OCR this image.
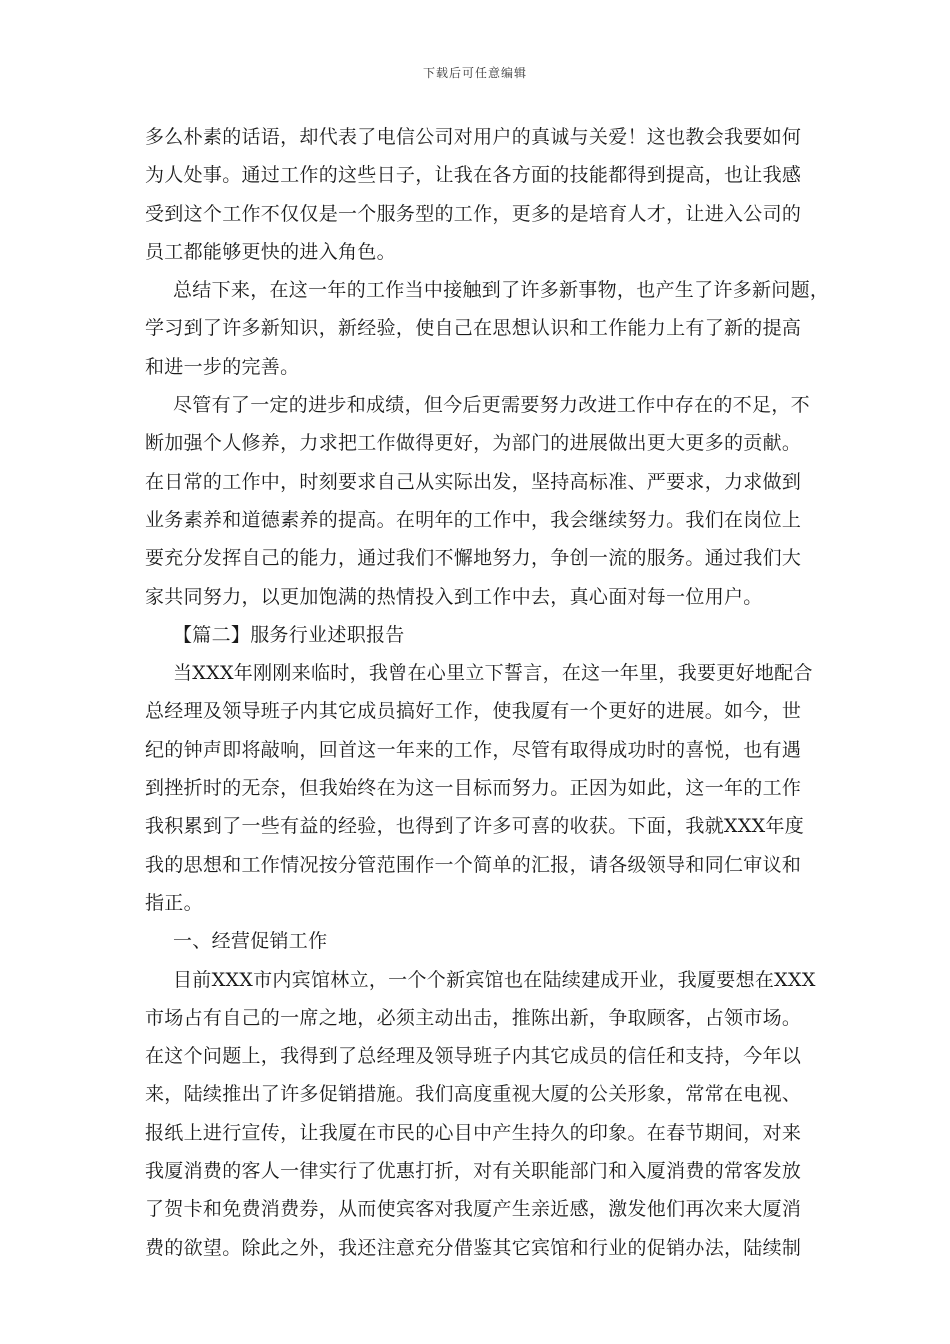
下载后可任意编辑
多么朴素的话语，却代表了电信公司对用户的真诚与关爱！这也教会我要如何
为人处事。通过工作的这些日子，让我在各方面的技能都得到提高，也让我感
受到这个工作不仅仅是一个服务型的工作，更多的是培育人才，让进入公司的
员工都能够更快的进入角色。
总结下来，在这一年的工作当中接触到了许多新事物，也产生了许多新问题，
学习到了许多新知识，新经验，使自己在思想认识和工作能力上有了新的提高
和进一步的完善。
尽管有了一定的进步和成绩，但今后更需要努力改进工作中存在的不足，不
断加强个人修养，力求把工作做得更好，为部门的进展做出更大更多的贡献。
在日常的工作中，时刻要求自己从实际出发，坚持高标准、严要求，力求做到
业务素养和道德素养的提高。在明年的工作中，我会继续努力。我们在岗位上
要充分发挥自己的能力，通过我们不懈地努力，争创一流的服务。通过我们大
家共同努力，以更加饱满的热情投入到工作中去，真心面对每一位用户。
【篇二】服务行业述职报告
当XXX年刚刚来临时，我曾在心里立下誓言，在这一年里，我要更好地配合
总经理及领导班子内其它成员搞好工作，使我厦有一个更好的进展。如今，世
纪的钟声即将敲响，回首这一年来的工作，尽管有取得成功时的喜悦，也有遇
到挫折时的无奈，但我始终在为这一目标而努力。正因为如此，这一年的工作
我积累到了一些有益的经验，也得到了许多可喜的收获。下面，我就XXX年度
我的思想和工作情况按分管范围作一个简单的汇报，请各级领导和同仁审议和
指正。
一、经营促销工作
目前XXX市内宾馆林立，一个个新宾馆也在陆续建成开业，我厦要想在XXX
市场占有自己的一席之地，必须主动出击，推陈出新，争取顾客，占领市场。
在这个问题上，我得到了总经理及领导班子内其它成员的信任和支持，今年以
来，陆续推出了许多促销措施。我们高度重视大厦的公关形象，常常在电视、
报纸上进行宣传，让我厦在市民的心目中产生持久的印象。在春节期间，对来
我厦消费的客人一律实行了优惠打折，对有关职能部门和入厦消费的常客发放
了贺卡和免费消费券，从而使宾客对我厦产生亲近感，激发他们再次来大厦消
费的欲望。除此之外，我还注意充分借鉴其它宾馆和行业的促销办法，陆续制
